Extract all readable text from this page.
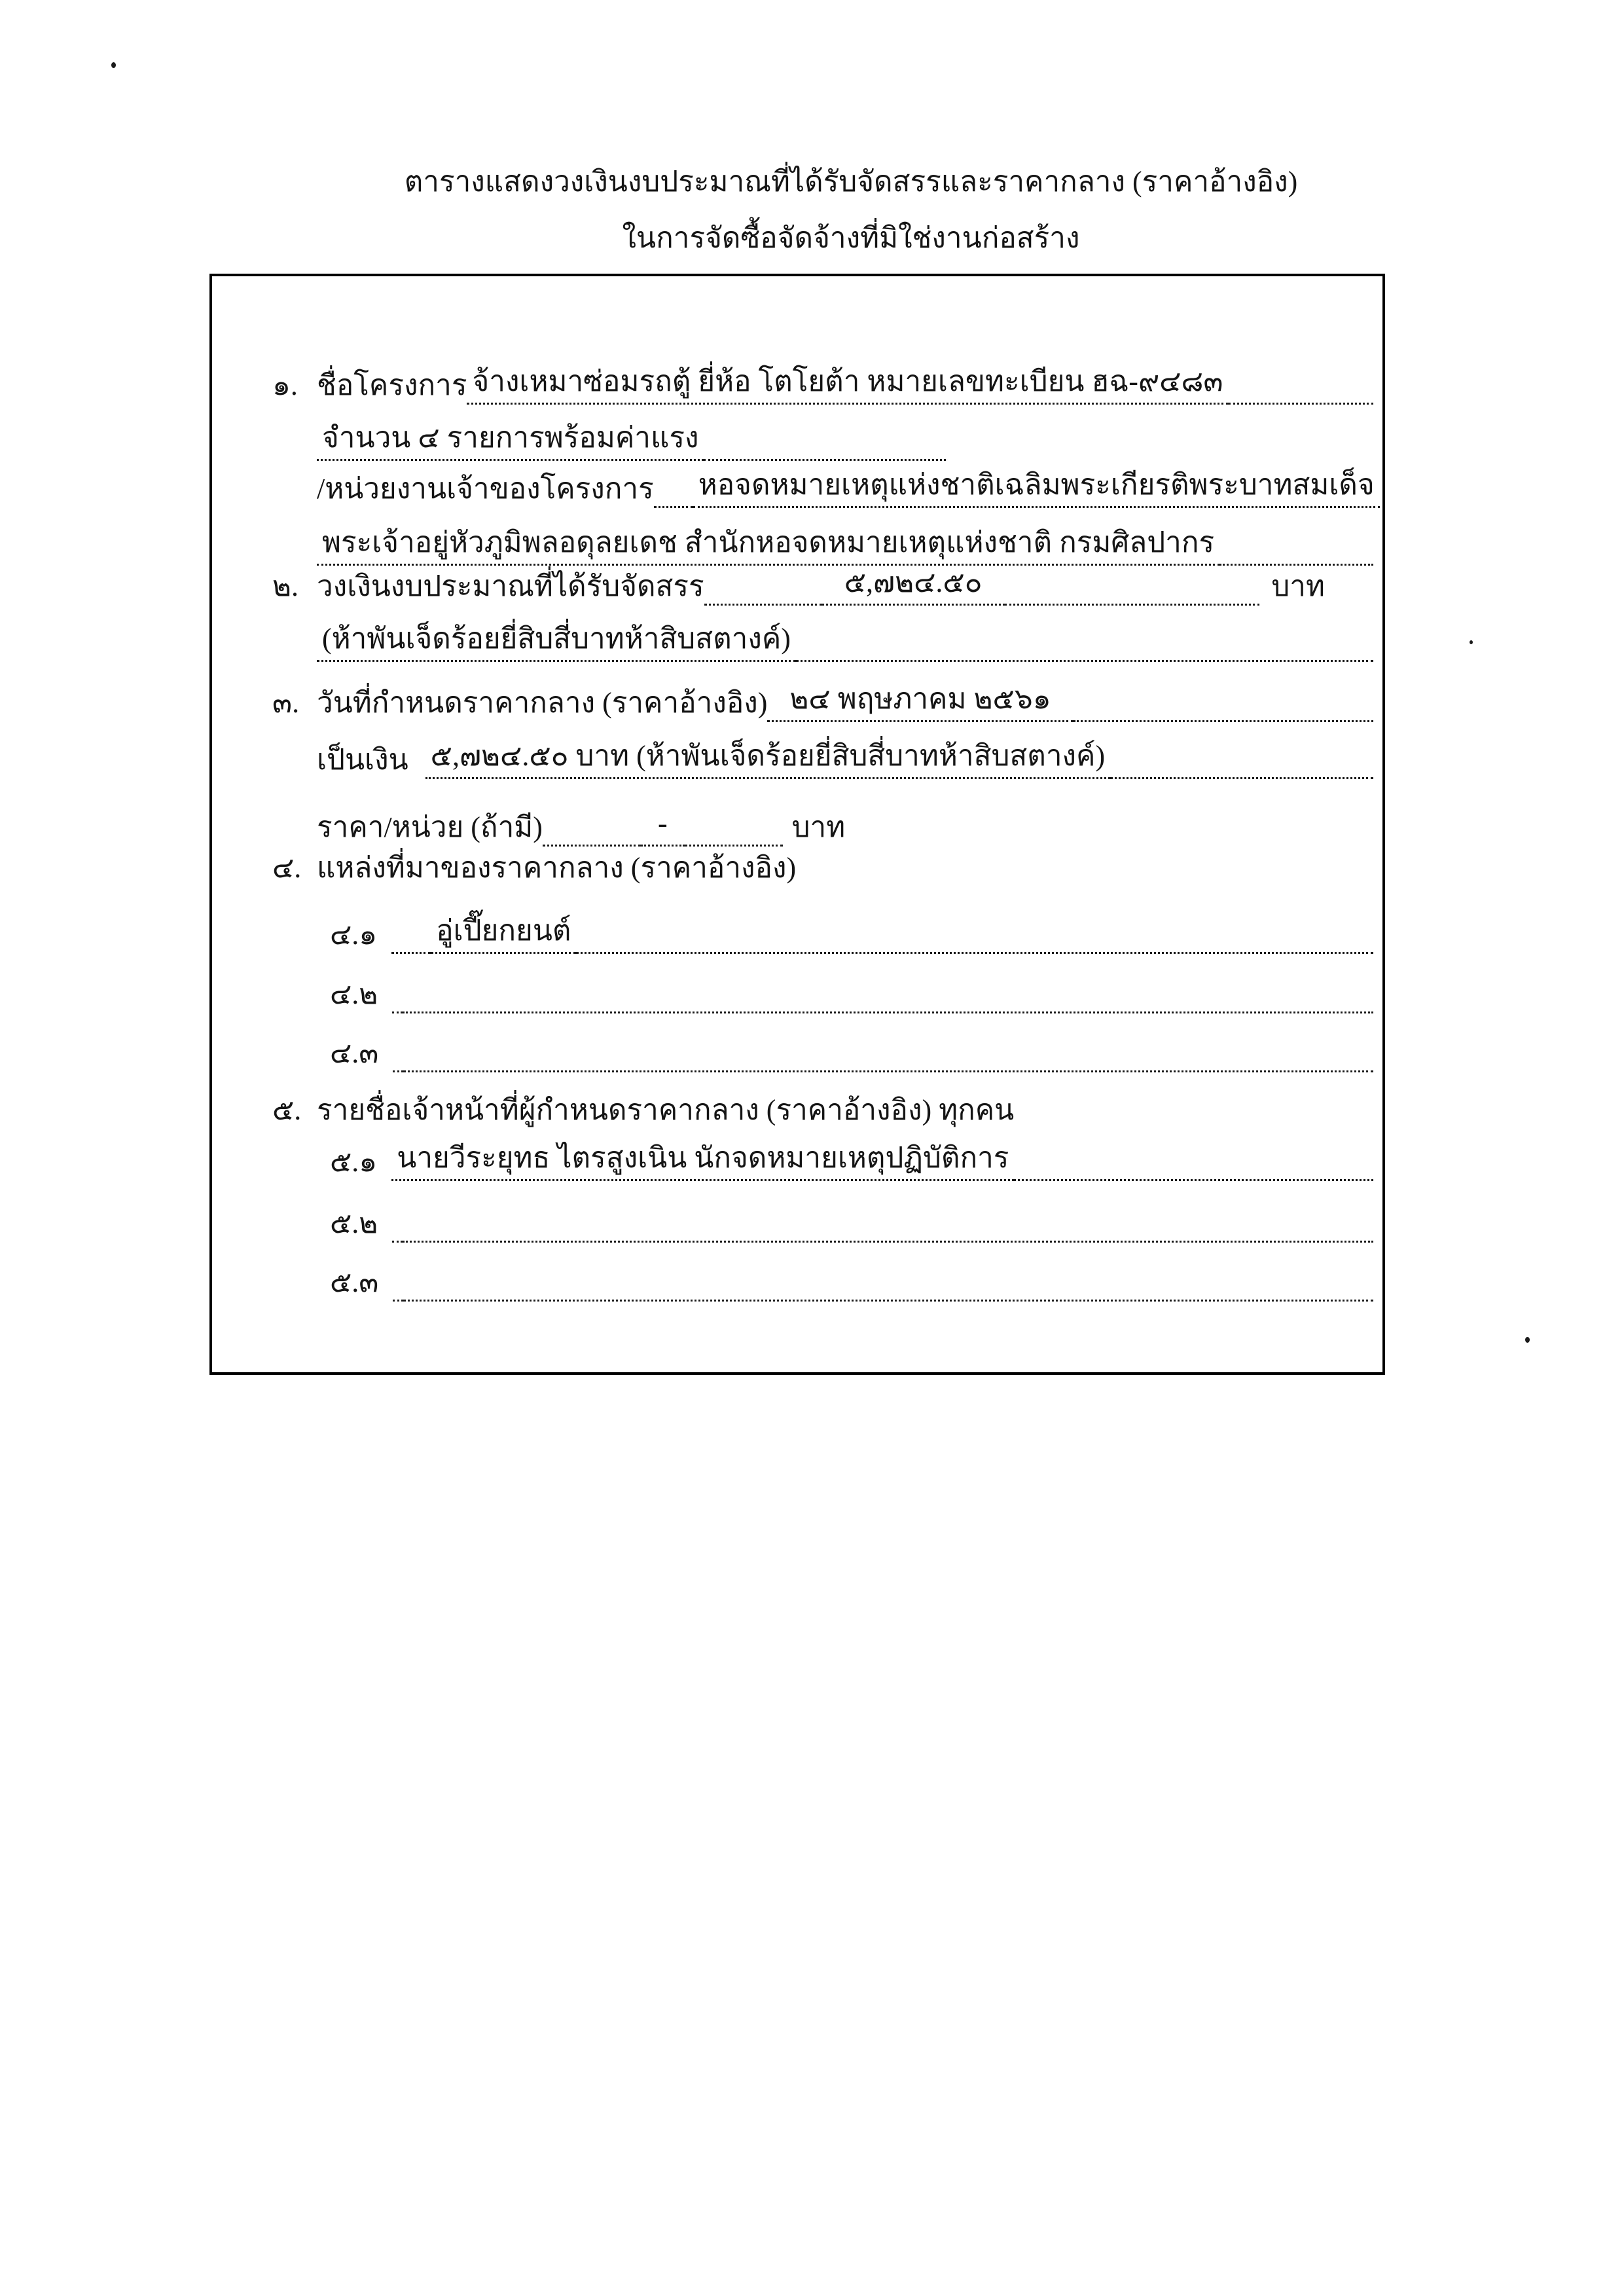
ตารางแสดงวงเงินงบประมาณที่ได้รับจัดสรรและราคากลาง (ราคาอ้างอิง)
ในการจัดซื้อจัดจ้างที่มิใช่งานก่อสร้าง
๑. ชื่อโครงการ จ้างเหมาซ่อมรถตู้ ยี่ห้อ โตโยต้า หมายเลขทะเบียน ฮฉ-๙๔๘๓
จำนวน ๔ รายการพร้อมค่าแรง
/หน่วยงานเจ้าของโครงการ หอจดหมายเหตุแห่งชาติเฉลิมพระเกียรติพระบาทสมเด็จ
พระเจ้าอยู่หัวภูมิพลอดุลยเดช สำนักหอจดหมายเหตุแห่งชาติ กรมศิลปากร
๒. วงเงินงบประมาณที่ได้รับจัดสรร	๕,๗๒๔.๕๐	บาท
(ห้าพันเจ็ดร้อยยี่สิบสี่บาทห้าสิบสตางค์)
๓. วันที่กำหนดราคากลาง (ราคาอ้างอิง) ๒๔ พฤษภาคม ๒๕๖๑
เป็นเงิน ๕,๗๒๔.๕๐ บาท (ห้าพันเจ็ดร้อยยี่สิบสี่บาทห้าสิบสตางค์)
ราคา/หน่วย (ถ้ามี)	-	บาท
๔. แหล่งที่มาของราคากลาง (ราคาอ้างอิง)
๔.๑ อู่เปี๊ยกยนต์
๔.๒
๔.๓
๕. รายชื่อเจ้าหน้าที่ผู้กำหนดราคากลาง (ราคาอ้างอิง) ทุกคน
๕.๑ นายวีระยุทธ ไตรสูงเนิน นักจดหมายเหตุปฏิบัติการ
๕.๒
๕.๓
